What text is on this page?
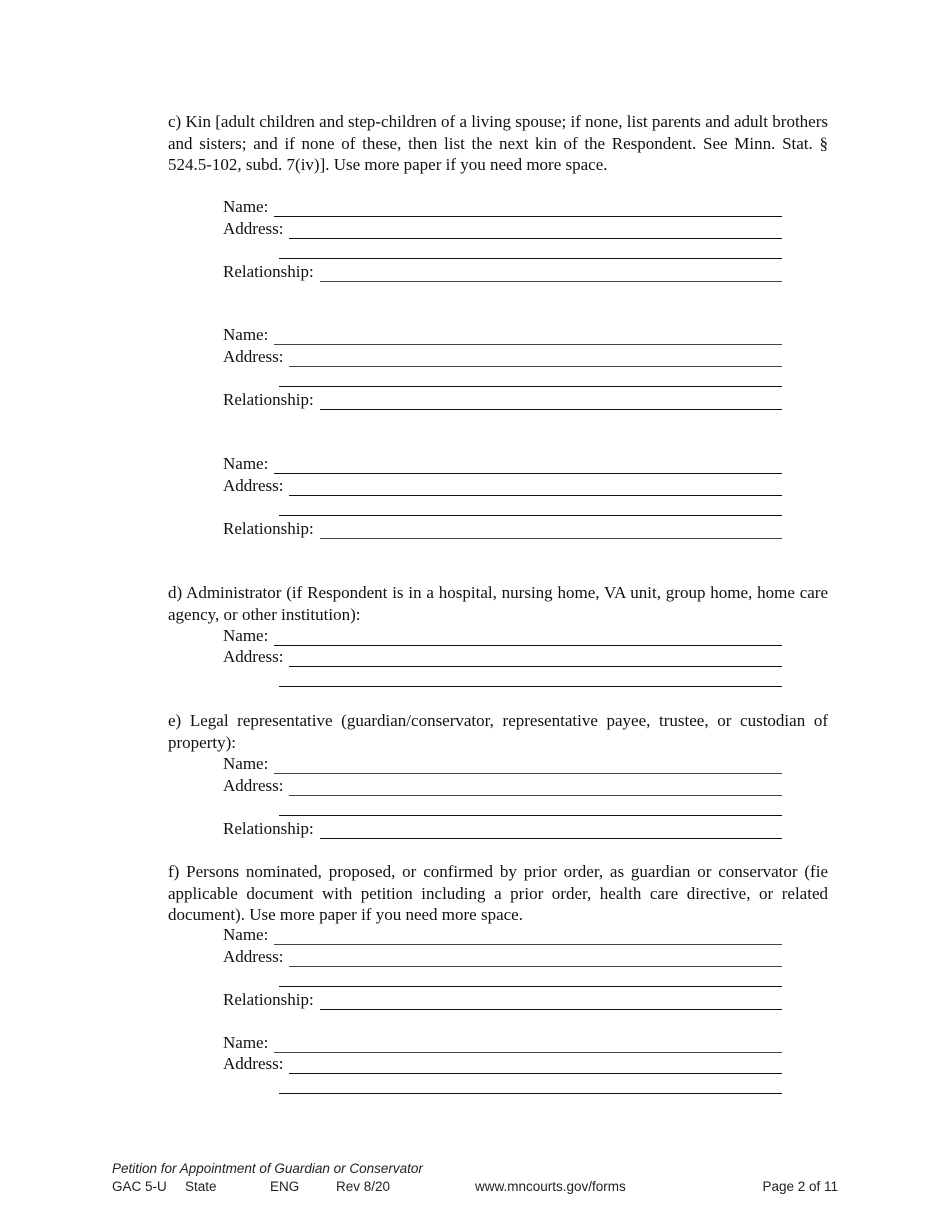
c) Kin [adult children and step-children of a living spouse; if none, list parents and adult brothers and sisters; and if none of these, then list the next kin of the Respondent. See Minn. Stat. § 524.5-102, subd. 7(iv)]. Use more paper if you need more space.
Name:
Address:
Relationship:
Name:
Address:
Relationship:
Name:
Address:
Relationship:
d) Administrator (if Respondent is in a hospital, nursing home, VA unit, group home, home care agency, or other institution):
Name:
Address:
e) Legal representative (guardian/conservator, representative payee, trustee, or custodian of property):
Name:
Address:
Relationship:
f) Persons nominated, proposed, or confirmed by prior order, as guardian or conservator (fie applicable document with petition including a prior order, health care directive, or related document). Use more paper if you need more space.
Name:
Address:
Relationship:
Name:
Address:
Petition for Appointment of Guardian or Conservator
GAC 5-U State	ENG	Rev 8/20	www.mncourts.gov/forms	Page 2 of 11
